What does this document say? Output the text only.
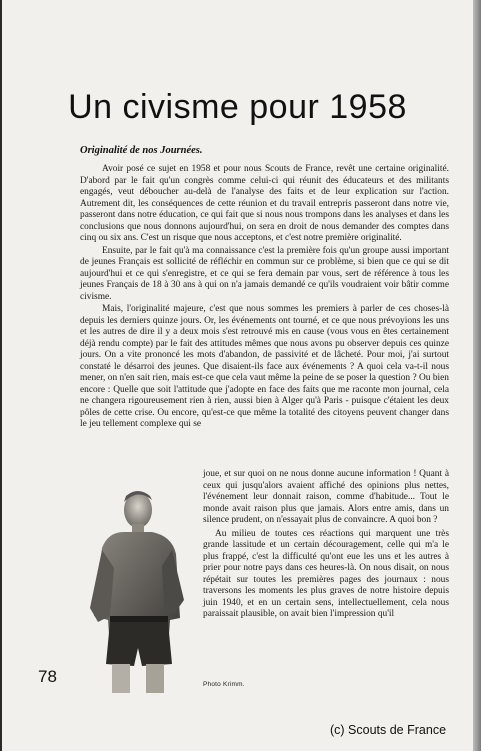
Un civisme pour 1958
Originalité de nos Journées.

Avoir posé ce sujet en 1958 et pour nous Scouts de France, revêt une certaine originalité. D'abord par le fait qu'un congrès comme celui-ci qui réunit des éducateurs et des militants engagés, veut déboucher au-delà de l'analyse des faits et de leur explication sur l'action. Autrement dit, les conséquences de cette réunion et du travail entrepris passeront dans notre vie, passeront dans notre éducation, ce qui fait que si nous nous trompons dans les analyses et dans les conclusions que nous donnons aujourd'hui, on sera en droit de nous demander des comptes dans cinq ou six ans. C'est un risque que nous acceptons, et c'est notre première originalité.

Ensuite, par le fait qu'à ma connaissance c'est la première fois qu'un groupe aussi important de jeunes Français est sollicité de réfléchir en commun sur ce problème, si bien que ce qui se dit aujourd'hui et ce qui s'enregistre, et ce qui se fera demain par vous, sert de référence à tous les jeunes Français de 18 à 30 ans à qui on n'a jamais demandé ce qu'ils voudraient voir bâtir comme civisme.

Mais, l'originalité majeure, c'est que nous sommes les premiers à parler de ces choses-là depuis les derniers quinze jours. Or, les événements ont tourné, et ce que nous prévoyions les uns et les autres de dire il y a deux mois s'est retrouvé mis en cause (vous vous en êtes certainement déjà rendu compte) par le fait des attitudes mêmes que nous avons pu observer depuis ces quinze jours. On a vite prononcé les mots d'abandon, de passivité et de lâcheté. Pour moi, j'ai surtout constaté le désarroi des jeunes. Que disaient-ils face aux événements ? A quoi cela va-t-il nous mener, on n'en sait rien, mais est-ce que cela vaut même la peine de se poser la question ? Ou bien encore : Quelle que soit l'attitude que j'adopte en face des faits que me raconte mon journal, cela ne changera rigoureusement rien à rien, aussi bien à Alger qu'à Paris - puisque c'étaient les deux pôles de cette crise. Ou encore, qu'est-ce que même la totalité des citoyens peuvent changer dans le jeu tellement complexe qui se

joue, et sur quoi on ne nous donne aucune information ! Quant à ceux qui jusqu'alors avaient affiché des opinions plus nettes, l'événement leur donnait raison, comme d'habitude... Tout le monde avait raison plus que jamais. Alors entre amis, dans un silence prudent, on n'essayait plus de convaincre. A quoi bon ?

Au milieu de toutes ces réactions qui marquent une très grande lassitude et un certain découragement, celle qui m'a le plus frappé, c'est la difficulté qu'ont eue les uns et les autres à prier pour notre pays dans ces heures-là. On nous disait, on nous répétait sur toutes les premières pages des journaux : nous traversons les moments les plus graves de notre histoire depuis juin 1940, et en un certain sens, intellectuellement, cela nous paraissait plausible, on avait bien l'impression qu'il

Photo Krimm.
78
(c) Scouts de France
